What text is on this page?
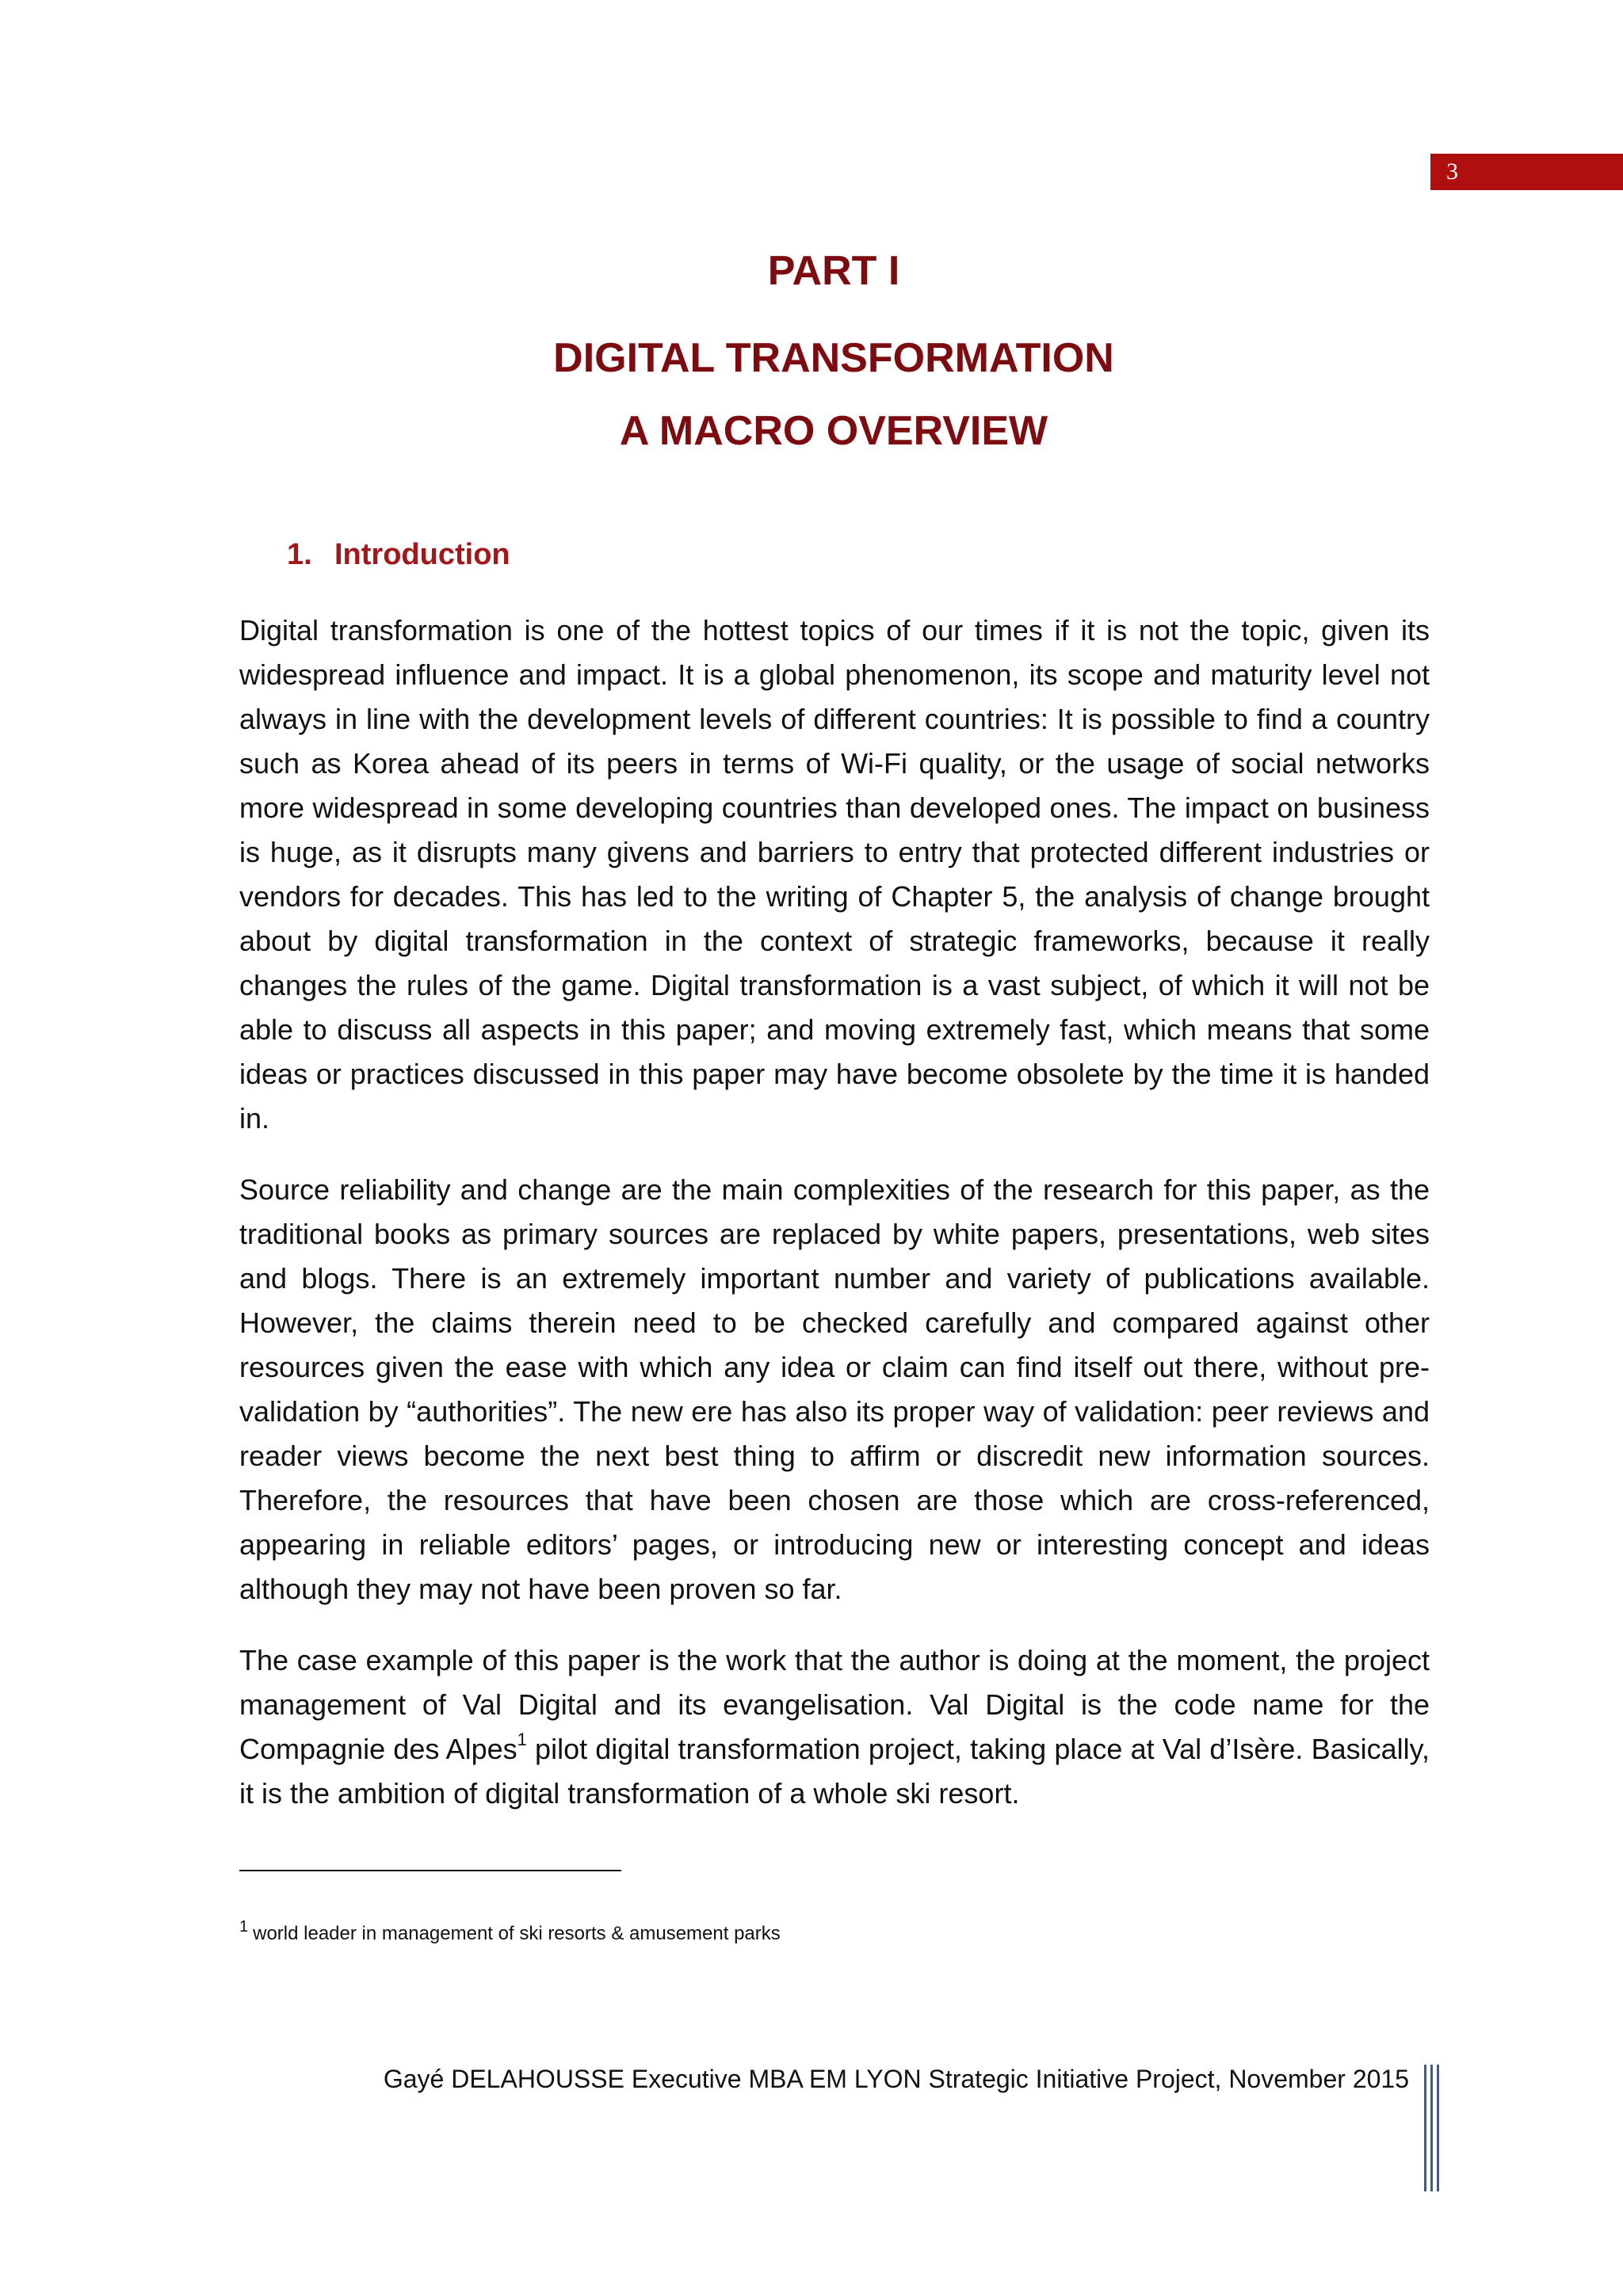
3
PART I
DIGITAL TRANSFORMATION
A MACRO OVERVIEW
1. Introduction

Digital transformation is one of the hottest topics of our times if it is not the topic, given its widespread influence and impact. It is a global phenomenon, its scope and maturity level not always in line with the development levels of different countries: It is possible to find a country such as Korea ahead of its peers in terms of Wi-Fi quality, or the usage of social networks more widespread in some developing countries than developed ones. The impact on business is huge, as it disrupts many givens and barriers to entry that protected different industries or vendors for decades. This has led to the writing of Chapter 5, the analysis of change brought about by digital transformation in the context of strategic frameworks, because it really changes the rules of the game. Digital transformation is a vast subject, of which it will not be able to discuss all aspects in this paper; and moving extremely fast, which means that some ideas or practices discussed in this paper may have become obsolete by the time it is handed in.

Source reliability and change are the main complexities of the research for this paper, as the traditional books as primary sources are replaced by white papers, presentations, web sites and blogs. There is an extremely important number and variety of publications available. However, the claims therein need to be checked carefully and compared against other resources given the ease with which any idea or claim can find itself out there, without pre-validation by “authorities”. The new ere has also its proper way of validation: peer reviews and reader views become the next best thing to affirm or discredit new information sources. Therefore, the resources that have been chosen are those which are cross-referenced, appearing in reliable editors’ pages, or introducing new or interesting concept and ideas although they may not have been proven so far.

The case example of this paper is the work that the author is doing at the moment, the project management of Val Digital and its evangelisation. Val Digital is the code name for the Compagnie des Alpes$^1$ pilot digital transformation project, taking place at Val d’Isère. Basically, it is the ambition of digital transformation of a whole ski resort.

$^1$ world leader in management of ski resorts & amusement parks
Gayé DELAHOUSSE Executive MBA EM LYON Strategic Initiative Project, November 2015
